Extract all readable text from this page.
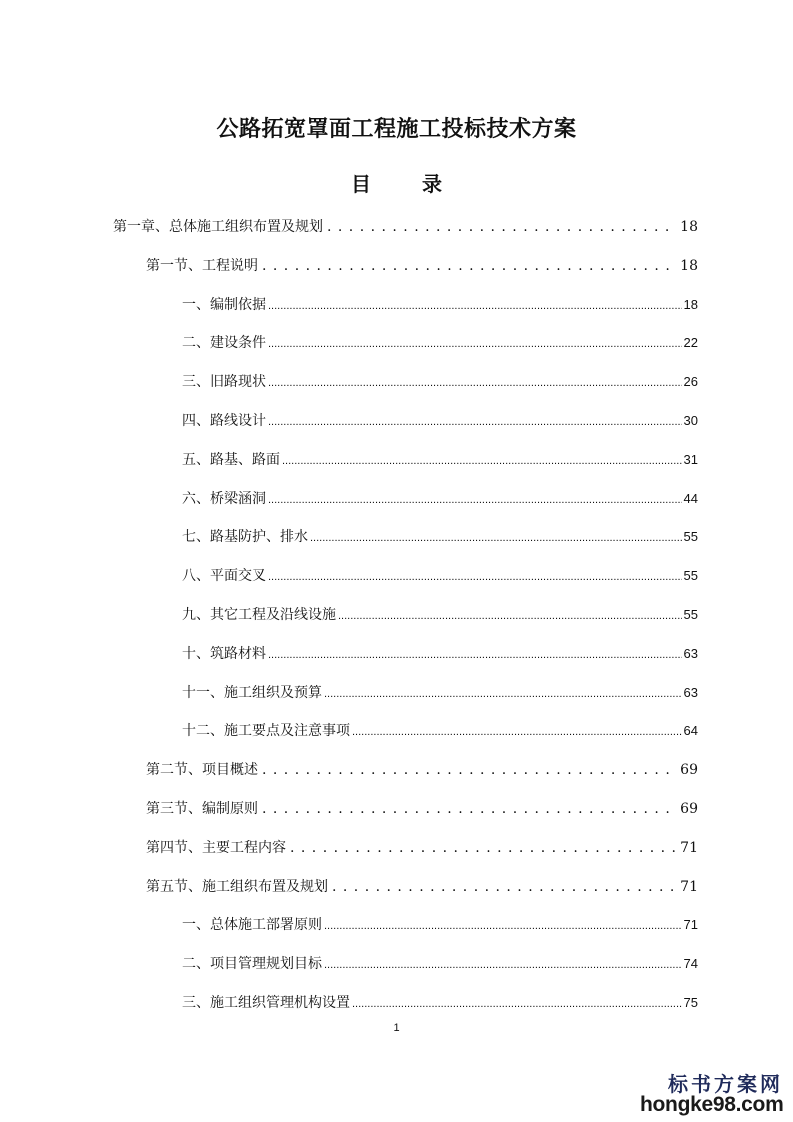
公路拓宽罩面工程施工投标技术方案
目 录
第一章、总体施工组织布置及规划 . . .	18
第一节、工程说明 . . .	18
一、编制依据 .....	18
二、建设条件 .....	22
三、旧路现状 .....	26
四、路线设计 .....	30
五、路基、路面 .....	31
六、桥梁涵洞 .....	44
七、路基防护、排水 .....	55
八、平面交叉 .....	55
九、其它工程及沿线设施 .....	55
十、筑路材料 .....	63
十一、施工组织及预算 .....	63
十二、施工要点及注意事项 .....	64
第二节、项目概述 . . .	69
第三节、编制原则 . . .	69
第四节、主要工程内容 . . .	71
第五节、施工组织布置及规划 . . .	71
一、总体施工部署原则 .....	71
二、项目管理规划目标 .....	74
三、施工组织管理机构设置 .....	75
1
标书方案网
hongke98.com
